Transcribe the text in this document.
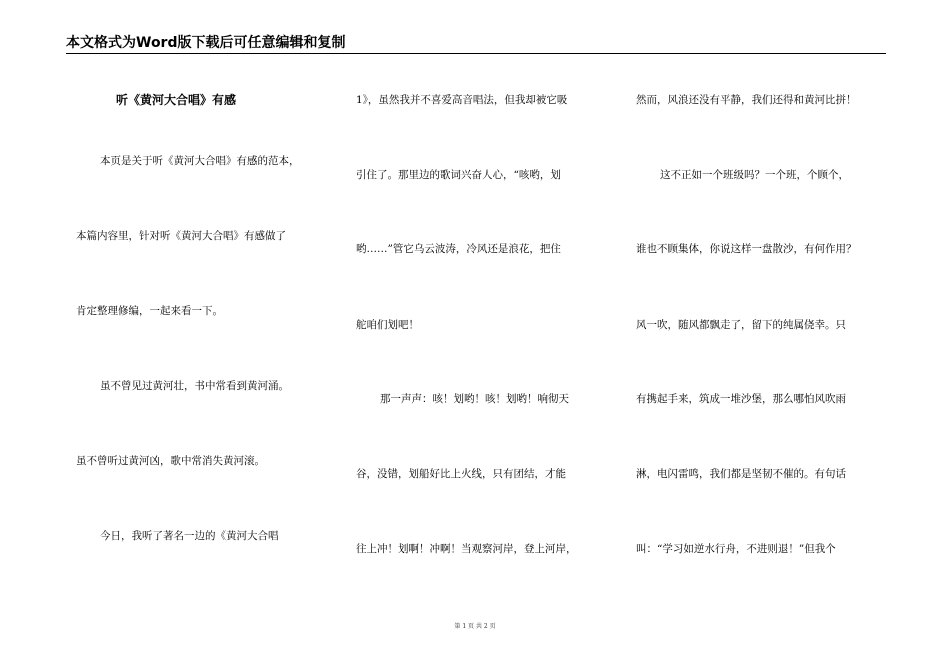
本文格式为Word版下载后可任意编辑和复制
听《黄河大合唱》有感
本页是关于听《黄河大合唱》有感的范本，
本篇内容里，针对听《黄河大合唱》有感做了
肯定整理修编，一起来看一下。
虽不曾见过黄河壮，书中常看到黄河涌。
虽不曾听过黄河凶，歌中常消失黄河滚。
今日，我听了著名一边的《黄河大合唱
1》，虽然我并不喜爱高音唱法，但我却被它吸
引住了。那里边的歌词兴奋人心，“咳哟，划
哟……”管它乌云波涛，冷风还是浪花，把住
舵咱们划吧！
那一声声：咳！划哟！咳！划哟！响彻天
谷，没错，划船好比上火线，只有团结，才能
往上冲！划啊！冲啊！当观察河岸，登上河岸，
然而，风浪还没有平静，我们还得和黄河比拼！
这不正如一个班级吗？一个班，个顾个，
谁也不顾集体，你说这样一盘散沙，有何作用？
风一吹，随风都飘走了，留下的纯属侥幸。只
有携起手来，筑成一堆沙堡，那么哪怕风吹雨
淋，电闪雷鸣，我们都是坚韧不催的。有句话
叫：“学习如逆水行舟，不进则退！”但我个
第 1 页 共 2 页
